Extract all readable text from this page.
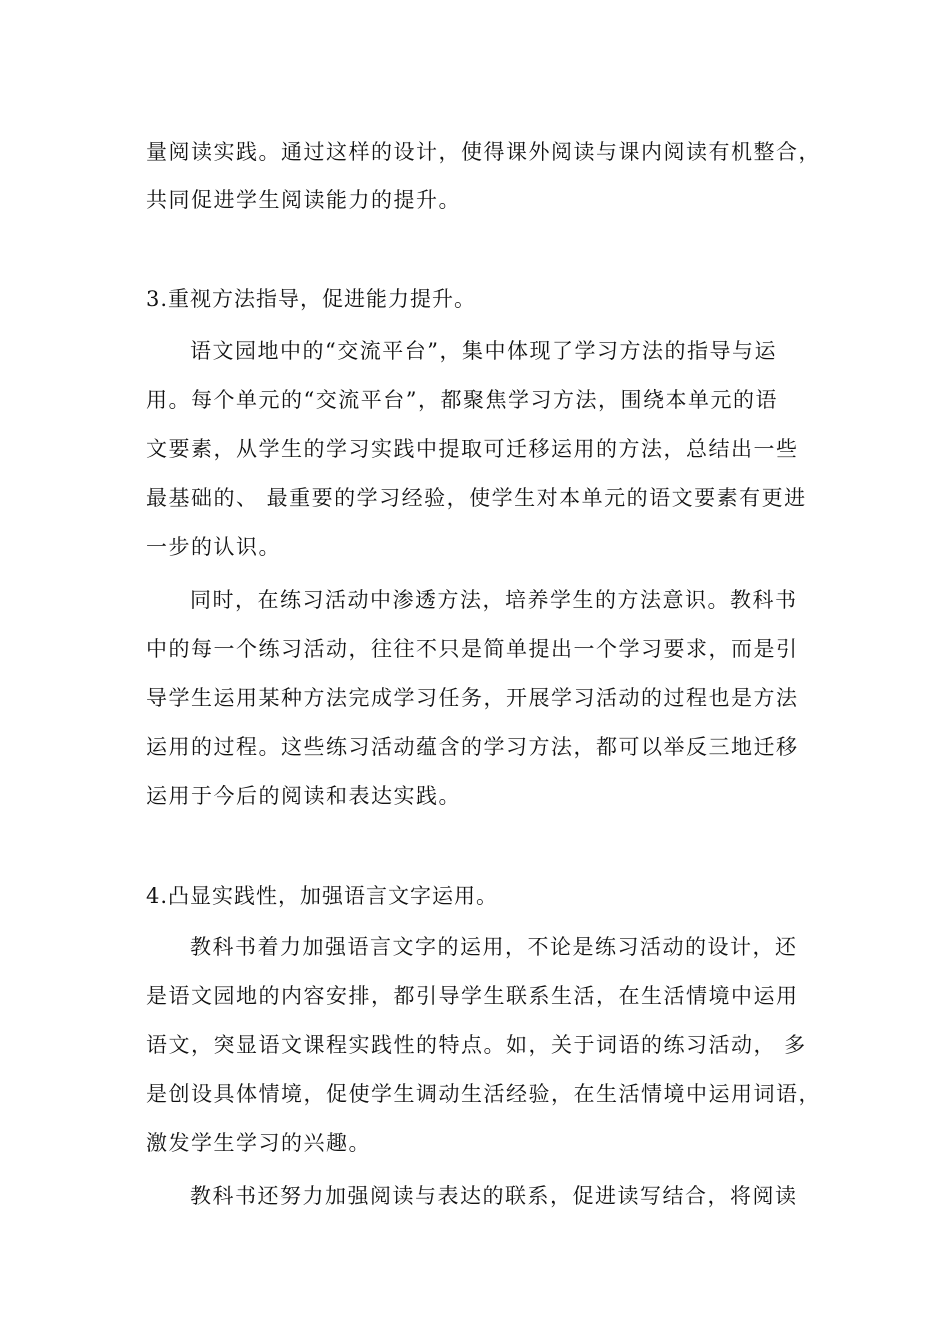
量阅读实践。通过这样的设计，使得课外阅读与课内阅读有机整合，
共同促进学生阅读能力的提升。
3.重视方法指导，促进能力提升。
语文园地中的“交流平台”，集中体现了学习方法的指导与运
用。每个单元的“交流平台”，都聚焦学习方法，围绕本单元的语
文要素，从学生的学习实践中提取可迁移运用的方法，总结出一些
最基础的、 最重要的学习经验，使学生对本单元的语文要素有更进
一步的认识。
同时，在练习活动中渗透方法，培养学生的方法意识。教科书
中的每一个练习活动，往往不只是简单提出一个学习要求，而是引
导学生运用某种方法完成学习任务，开展学习活动的过程也是方法
运用的过程。这些练习活动蕴含的学习方法，都可以举反三地迁移
运用于今后的阅读和表达实践。
4.凸显实践性，加强语言文字运用。
教科书着力加强语言文字的运用，不论是练习活动的设计，还
是语文园地的内容安排，都引导学生联系生活，在生活情境中运用
语文，突显语文课程实践性的特点。如，关于词语的练习活动， 多
是创设具体情境，促使学生调动生活经验，在生活情境中运用词语，
激发学生学习的兴趣。
教科书还努力加强阅读与表达的联系，促进读写结合，将阅读
